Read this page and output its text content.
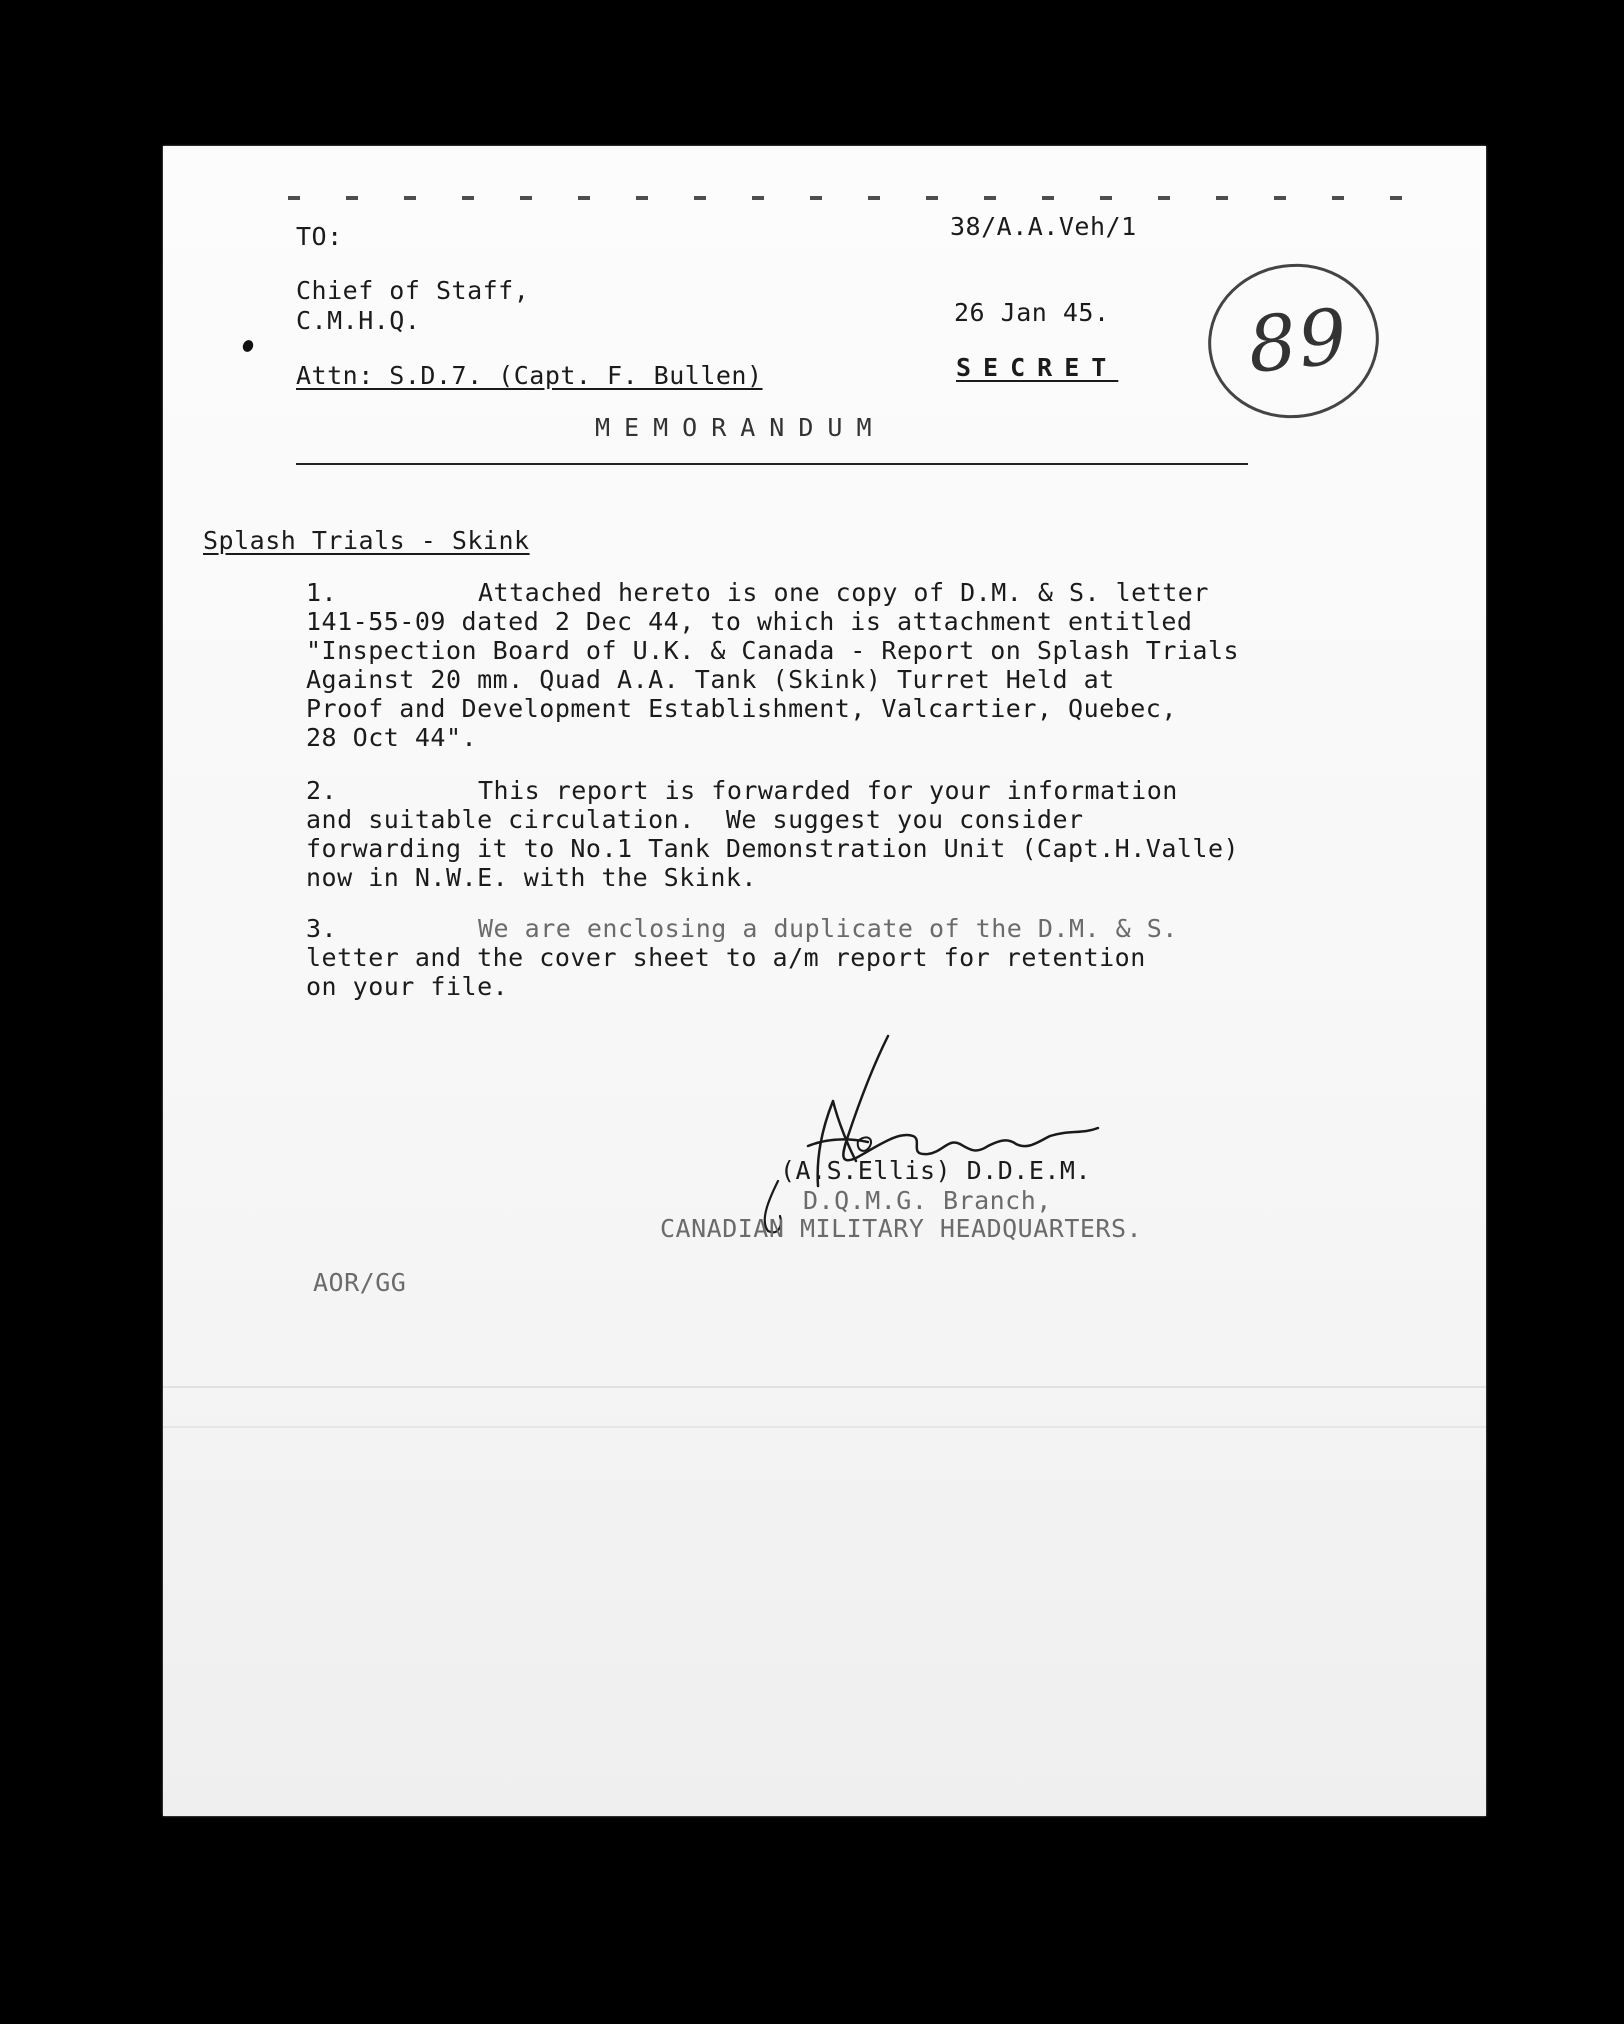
TO:	38/A.A.Veh/1
Chief of Staff,
C.M.H.Q.	26 Jan 45.
Attn: S.D.7. (Capt. F. Bullen)	SECRET 89
MEMORANDUM
Splash Trials - Skink
1.	Attached hereto is one copy of D.M. & S. letter
141-55-09 dated 2 Dec 44, to which is attachment entitled
"Inspection Board of U.K. & Canada - Report on Splash Trials
Against 20 mm. Quad A.A. Tank (Skink) Turret Held at
Proof and Development Establishment, Valcartier, Quebec,
28 Oct 44".
2.	This report is forwarded for your information
and suitable circulation.  We suggest you consider
forwarding it to No.1 Tank Demonstration Unit (Capt.H.Valle)
now in N.W.E. with the Skink.
3.	We are enclosing a duplicate of the D.M. & S.
letter and the cover sheet to a/m report for retention
on your file.
(A.S.Ellis) D.D.E.M.
D.Q.M.G. Branch,
CANADIAN MILITARY HEADQUARTERS.
AOR/GG
